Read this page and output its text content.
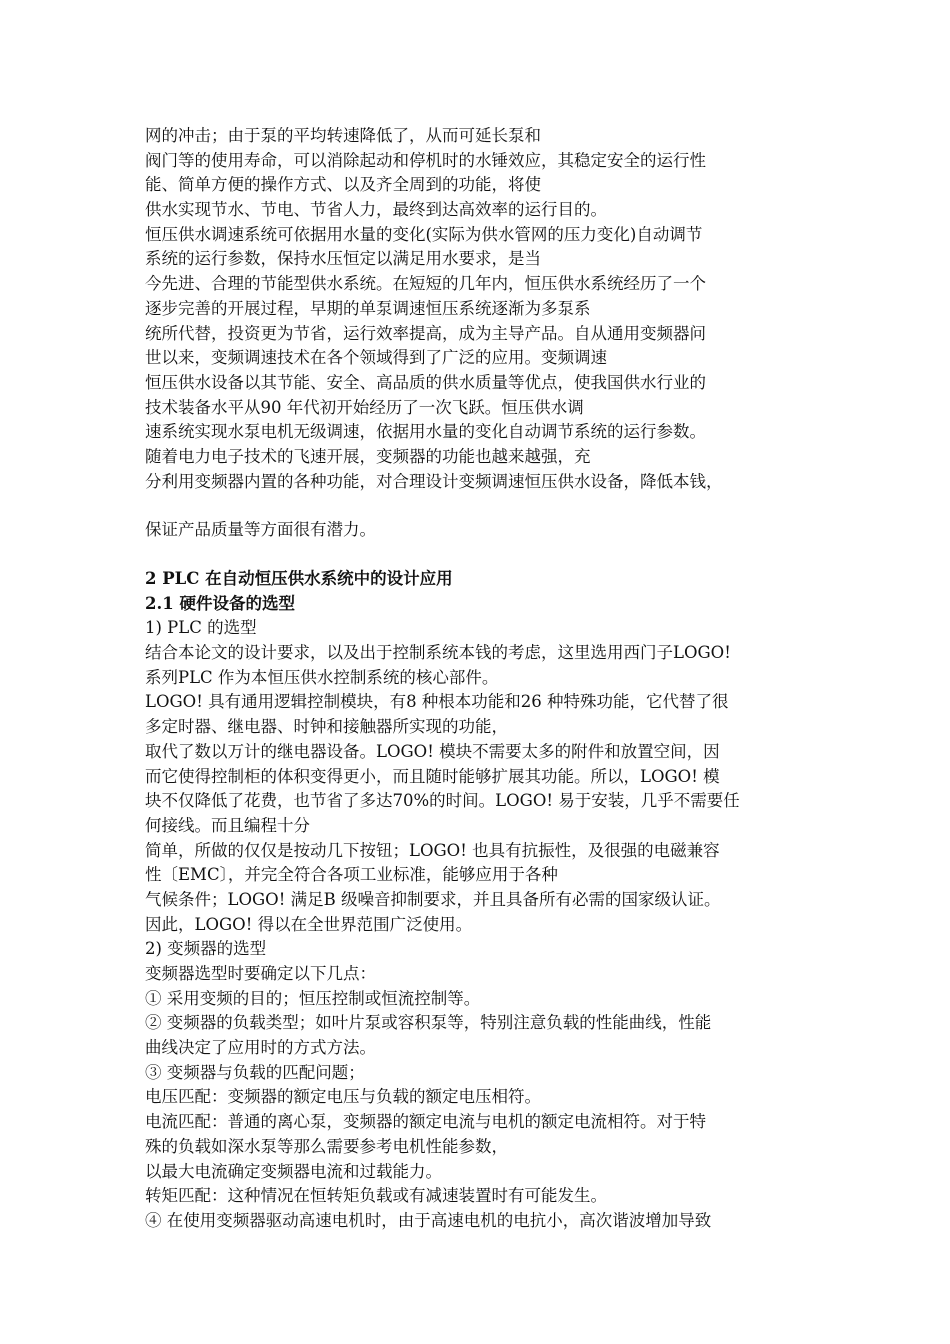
网的冲击；由于泵的平均转速降低了，从而可延长泵和
阀门等的使用寿命，可以消除起动和停机时的水锤效应，其稳定安全的运行性
能、简单方便的操作方式、以及齐全周到的功能，将使
供水实现节水、节电、节省人力，最终到达高效率的运行目的。
恒压供水调速系统可依据用水量的变化(实际为供水管网的压力变化)自动调节
系统的运行参数，保持水压恒定以满足用水要求，是当
今先进、合理的节能型供水系统。在短短的几年内，恒压供水系统经历了一个
逐步完善的开展过程，早期的单泵调速恒压系统逐渐为多泵系
统所代替，投资更为节省，运行效率提高，成为主导产品。自从通用变频器问
世以来，变频调速技术在各个领域得到了广泛的应用。变频调速
恒压供水设备以其节能、安全、高品质的供水质量等优点，使我国供水行业的
技术装备水平从90 年代初开始经历了一次飞跃。恒压供水调
速系统实现水泵电机无级调速，依据用水量的变化自动调节系统的运行参数。
随着电力电子技术的飞速开展，变频器的功能也越来越强，充
分利用变频器内置的各种功能，对合理设计变频调速恒压供水设备，降低本钱，
保证产品质量等方面很有潜力。
2 PLC 在自动恒压供水系统中的设计应用
2.1 硬件设备的选型
1) PLC 的选型
结合本论文的设计要求，以及出于控制系统本钱的考虑，这里选用西门子LOGO!
系列PLC 作为本恒压供水控制系统的核心部件。
LOGO! 具有通用逻辑控制模块，有8 种根本功能和26 种特殊功能，它代替了很
多定时器、继电器、时钟和接触器所实现的功能，
取代了数以万计的继电器设备。LOGO! 模块不需要太多的附件和放置空间，因
而它使得控制柜的体积变得更小，而且随时能够扩展其功能。所以，LOGO! 模
块不仅降低了花费，也节省了多达70%的时间。LOGO! 易于安装，几乎不需要任
何接线。而且编程十分
简单，所做的仅仅是按动几下按钮；LOGO! 也具有抗振性，及很强的电磁兼容
性〔EMC〕，并完全符合各项工业标准，能够应用于各种
气候条件；LOGO! 满足B 级噪音抑制要求，并且具备所有必需的国家级认证。
因此，LOGO! 得以在全世界范围广泛使用。
2) 变频器的选型
变频器选型时要确定以下几点：
① 采用变频的目的；恒压控制或恒流控制等。
② 变频器的负载类型；如叶片泵或容积泵等，特别注意负载的性能曲线，性能
曲线决定了应用时的方式方法。
③ 变频器与负载的匹配问题；
电压匹配：变频器的额定电压与负载的额定电压相符。
电流匹配：普通的离心泵，变频器的额定电流与电机的额定电流相符。对于特
殊的负载如深水泵等那么需要参考电机性能参数，
以最大电流确定变频器电流和过载能力。
转矩匹配：这种情况在恒转矩负载或有减速装置时有可能发生。
④ 在使用变频器驱动高速电机时，由于高速电机的电抗小，高次谐波增加导致
